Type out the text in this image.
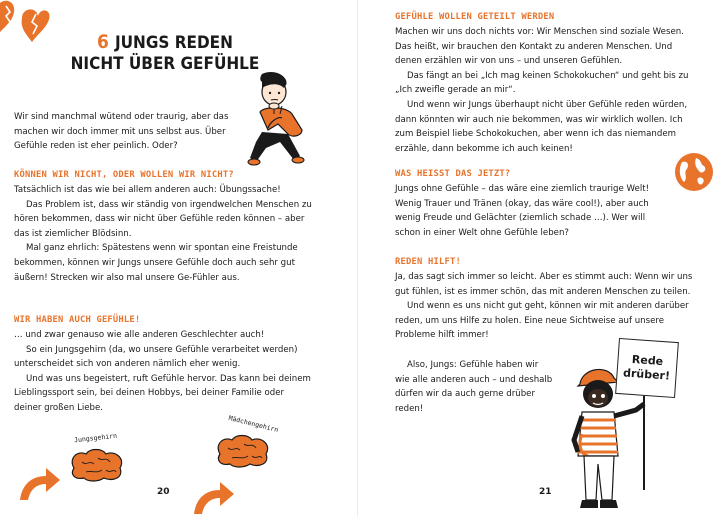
6 JUNGS REDEN
NICHT ÜBER GEFÜHLE

Wir sind manchmal wütend oder traurig, aber das machen wir doch immer mit uns selbst aus. Über Gefühle reden ist eher peinlich. Oder?

KÖNNEN WIR NICHT, ODER WOLLEN WIR NICHT?

Tatsächlich ist das wie bei allem anderen auch: Übungssache!

Das Problem ist, dass wir ständig von irgendwelchen Menschen zu hören bekommen, dass wir nicht über Gefühle reden können – aber das ist ziemlicher Blödsinn.

Mal ganz ehrlich: Spätestens wenn wir spontan eine Freistunde bekommen, können wir Jungs unsere Gefühle doch auch sehr gut äußern! Strecken wir also mal unsere Ge-Fühler aus.

WIR HABEN AUCH GEFÜHLE!

… und zwar genauso wie alle anderen Geschlechter auch!

So ein Jungsgehirn (da, wo unsere Gefühle verarbeitet werden) unterscheidet sich von anderen nämlich eher wenig.

Und was uns begeistert, ruft Gefühle hervor. Das kann bei deinem Lieblingssport sein, bei deinen Hobbys, bei deiner Familie oder deiner großen Liebe.

Jungsgehirn
Mädchengehirn
20
GEFÜHLE WOLLEN GETEILT WERDEN

Machen wir uns doch nichts vor: Wir Menschen sind soziale Wesen. Das heißt, wir brauchen den Kontakt zu anderen Menschen. Und denen erzählen wir von uns – und unseren Gefühlen.

Das fängt an bei „Ich mag keinen Schokokuchen“ und geht bis zu „Ich zweifle gerade an mir“.

Und wenn wir Jungs überhaupt nicht über Gefühle reden würden, dann könnten wir auch nie bekommen, was wir wirklich wollen. Ich zum Beispiel liebe Schokokuchen, aber wenn ich das niemandem erzähle, dann bekomme ich auch keinen!

WAS HEISST DAS JETZT?

Jungs ohne Gefühle – das wäre eine ziemlich traurige Welt! Wenig Trauer und Tränen (okay, das wäre cool!), aber auch wenig Freude und Gelächter (ziemlich schade …). Wer will schon in einer Welt ohne Gefühle leben?

REDEN HILFT!

Ja, das sagt sich immer so leicht. Aber es stimmt auch: Wenn wir uns gut fühlen, ist es immer schön, das mit anderen Menschen zu teilen.

Und wenn es uns nicht gut geht, können wir mit anderen darüber reden, um uns Hilfe zu holen. Eine neue Sichtweise auf unsere Probleme hilft immer!

Also, Jungs: Gefühle haben wir wie alle anderen auch – und deshalb dürfen wir da auch gerne drüber reden!

Rede drüber!
21
